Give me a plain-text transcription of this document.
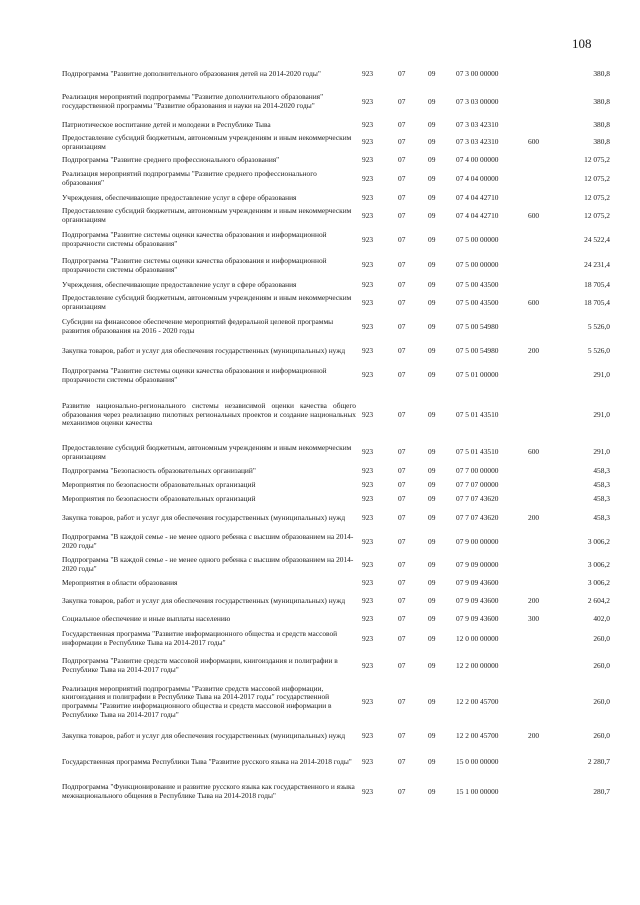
108
Подпрограмма "Развитие дополнительного образования детей на 2014-2020 годы"	923	07	09	07 3 00 00000		380,8

Реализация мероприятий подпрограммы "Развитие дополнительного образования" государственной программы "Развитие образования и науки на 2014-2020 годы"	923	07	09	07 3 03 00000		380,8

Патриотическое воспитание детей и молодежи в Республике Тыва	923	07	09	07 3 03 42310		380,8

Предоставление субсидий бюджетным, автономным учреждениям и иным некоммерческим организациям	923	07	09	07 3 03 42310	600	380,8

Подпрограмма "Развитие среднего профессионального образования"	923	07	09	07 4 00 00000		12 075,2

Реализация мероприятий подпрограммы "Развитие среднего профессионального образования"	923	07	09	07 4 04 00000		12 075,2

Учреждения, обеспечивающие предоставление услуг в сфере образования	923	07	09	07 4 04 42710		12 075,2

Предоставление субсидий бюджетным, автономным учреждениям и иным некоммерческим организациям	923	07	09	07 4 04 42710	600	12 075,2

Подпрограмма "Развитие системы оценки качества образования и информационной прозрачности системы образования"	923	07	09	07 5 00 00000		24 522,4

Подпрограмма "Развитие системы оценки качества образования и информационной прозрачности системы образования"	923	07	09	07 5 00 00000		24 231,4

Учреждения, обеспечивающие предоставление услуг в сфере образования	923	07	09	07 5 00 43500		18 705,4

Предоставление субсидий бюджетным, автономным учреждениям и иным некоммерческим организациям	923	07	09	07 5 00 43500	600	18 705,4

Субсидии на финансовое обеспечение мероприятий федеральной целевой программы развития образования на 2016 - 2020 годы	923	07	09	07 5 00 54980		5 526,0

Закупка товаров, работ и услуг для обеспечения государственных (муниципальных) нужд	923	07	09	07 5 00 54980	200	5 526,0

Подпрограмма "Развитие системы оценки качества образования и информационной прозрачности системы образования"	923	07	09	07 5 01 00000		291,0

Развитие национально-регионального системы независимой оценки качества общего образования через реализацию пилотных региональных проектов и создание национальных механизмов оценки качества	923	07	09	07 5 01 43510		291,0

Предоставление субсидий бюджетным, автономным учреждениям и иным некоммерческим организациям	923	07	09	07 5 01 43510	600	291,0

Подпрограмма "Безопасность образовательных организаций"	923	07	09	07 7 00 00000		458,3

Мероприятия по безопасности образовательных организаций	923	07	09	07 7 07 00000		458,3

Мероприятия по безопасности образовательных организаций	923	07	09	07 7 07 43620		458,3

Закупка товаров, работ и услуг для обеспечения государственных (муниципальных) нужд	923	07	09	07 7 07 43620	200	458,3

Подпрограмма "В каждой семье - не менее одного ребенка с высшим образованием на 2014-2020 годы"	923	07	09	07 9 00 00000		3 006,2

Подпрограмма "В каждой семье - не менее одного ребенка с высшим образованием на 2014-2020 годы"	923	07	09	07 9 09 00000		3 006,2

Мероприятия в области образования	923	07	09	07 9 09 43600		3 006,2

Закупка товаров, работ и услуг для обеспечения государственных (муниципальных) нужд	923	07	09	07 9 09 43600	200	2 604,2

Социальное обеспечение и иные выплаты населению	923	07	09	07 9 09 43600	300	402,0

Государственная программа "Развитие информационного общества и средств массовой информации в Республике Тыва на 2014-2017 годы"	923	07	09	12 0 00 00000		260,0

Подпрограмма "Развитие средств массовой информации, книгоиздания и полиграфии в Республике Тыва на 2014-2017 годы"	923	07	09	12 2 00 00000		260,0

Реализация мероприятий подпрограммы "Развитие средств массовой информации, книгоиздания и полиграфии в Республике Тыва на 2014-2017 годы" государственной программы "Развитие информационного общества и средств массовой информации в Республике Тыва на 2014-2017 годы"	923	07	09	12 2 00 45700		260,0

Закупка товаров, работ и услуг для обеспечения государственных (муниципальных) нужд	923	07	09	12 2 00 45700	200	260,0

Государственная программа Республики Тыва "Развитие русского языка на 2014-2018 годы"	923	07	09	15 0 00 00000		2 280,7

Подпрограмма "Функционирование и развитие русского языка как государственного и языка межнационального общения в Республике Тыва на 2014-2018 годы"	923	07	09	15 1 00 00000		280,7
